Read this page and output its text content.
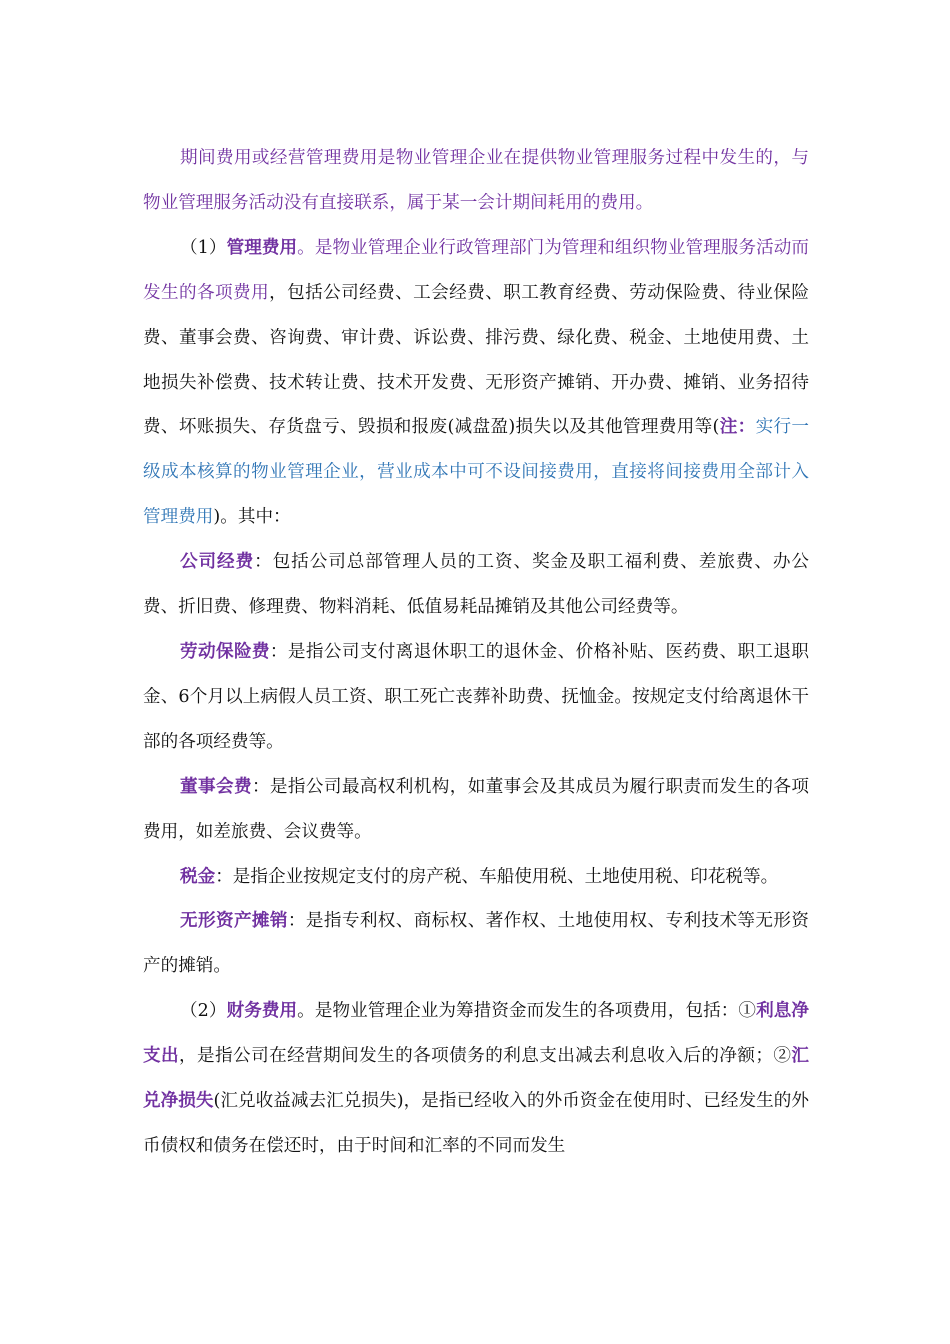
期间费用或经营管理费用是物业管理企业在提供物业管理服务过程中发生的，与物业管理服务活动没有直接联系，属于某一会计期间耗用的费用。

（1）管理费用。是物业管理企业行政管理部门为管理和组织物业管理服务活动而发生的各项费用，包括公司经费、工会经费、职工教育经费、劳动保险费、待业保险费、董事会费、咨询费、审计费、诉讼费、排污费、绿化费、税金、土地使用费、土地损失补偿费、技术转让费、技术开发费、无形资产摊销、开办费、摊销、业务招待费、坏账损失、存货盘亏、毁损和报废(减盘盈)损失以及其他管理费用等(注：实行一级成本核算的物业管理企业，营业成本中可不设间接费用，直接将间接费用全部计入管理费用)。其中：

公司经费：包括公司总部管理人员的工资、奖金及职工福利费、差旅费、办公费、折旧费、修理费、物料消耗、低值易耗品摊销及其他公司经费等。

劳动保险费：是指公司支付离退休职工的退休金、价格补贴、医药费、职工退职金、6个月以上病假人员工资、职工死亡丧葬补助费、抚恤金。按规定支付给离退休干部的各项经费等。

董事会费：是指公司最高权利机构，如董事会及其成员为履行职责而发生的各项费用，如差旅费、会议费等。

税金：是指企业按规定支付的房产税、车船使用税、土地使用税、印花税等。

无形资产摊销：是指专利权、商标权、著作权、土地使用权、专利技术等无形资产的摊销。

（2）财务费用。是物业管理企业为筹措资金而发生的各项费用，包括：①利息净支出，是指公司在经营期间发生的各项债务的利息支出减去利息收入后的净额；②汇兑净损失(汇兑收益减去汇兑损失)，是指已经收入的外币资金在使用时、已经发生的外币债权和债务在偿还时，由于时间和汇率的不同而发生
